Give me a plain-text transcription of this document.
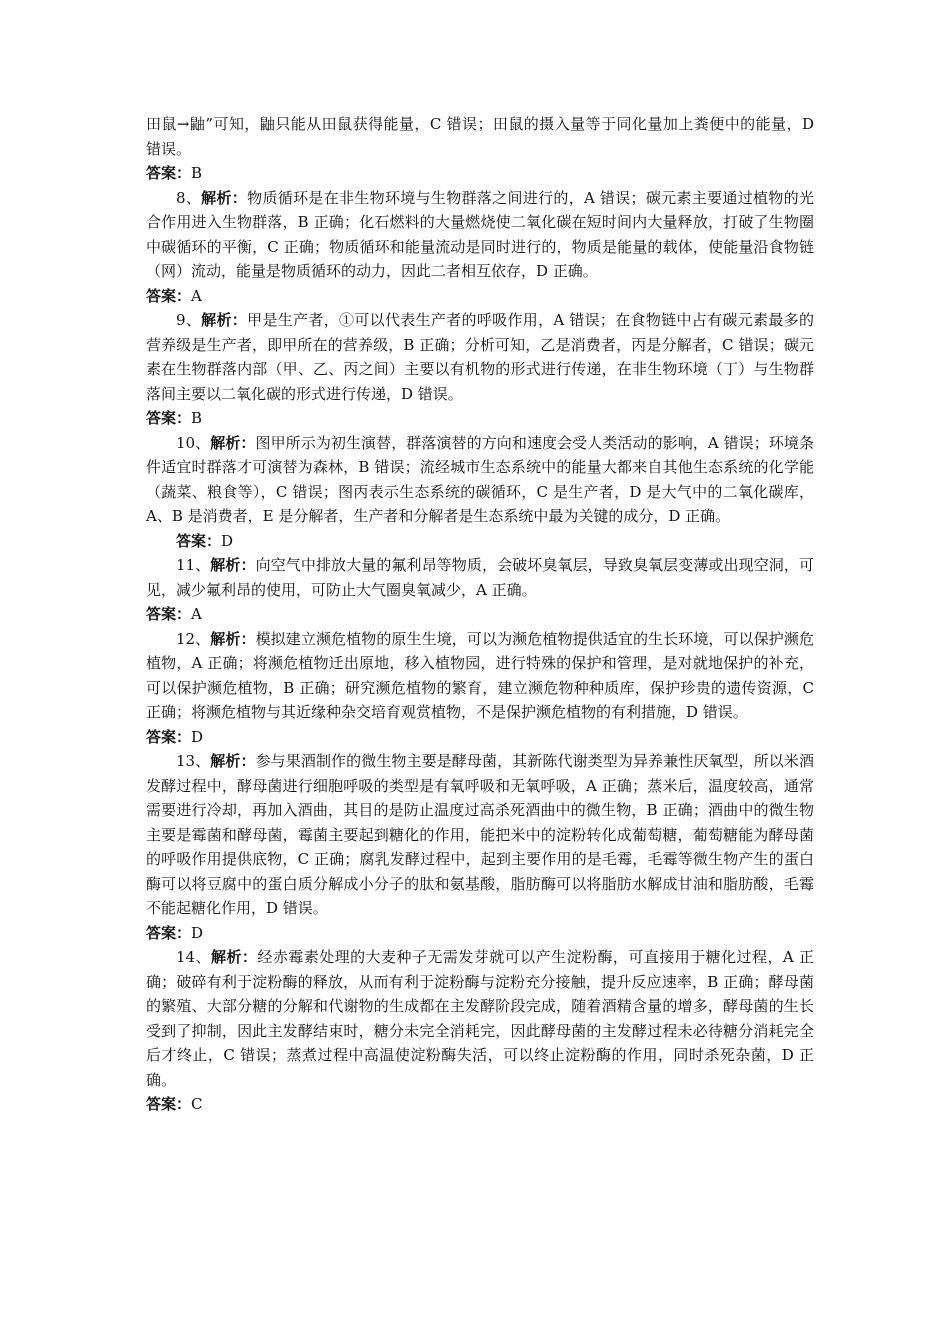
田鼠→鼬”可知，鼬只能从田鼠获得能量，C 错误；田鼠的摄入量等于同化量加上粪便中的能量，D 错误。

答案：B

8、解析：物质循环是在非生物环境与生物群落之间进行的，A 错误；碳元素主要通过植物的光合作用进入生物群落，B 正确；化石燃料的大量燃烧使二氧化碳在短时间内大量释放，打破了生物圈中碳循环的平衡，C 正确；物质循环和能量流动是同时进行的，物质是能量的载体，使能量沿食物链（网）流动，能量是物质循环的动力，因此二者相互依存，D 正确。

答案：A

9、解析：甲是生产者，①可以代表生产者的呼吸作用，A 错误；在食物链中占有碳元素最多的营养级是生产者，即甲所在的营养级，B 正确；分析可知，乙是消费者，丙是分解者，C 错误；碳元素在生物群落内部（甲、乙、丙之间）主要以有机物的形式进行传递，在非生物环境（丁）与生物群落间主要以二氧化碳的形式进行传递，D 错误。

答案：B

10、解析：图甲所示为初生演替，群落演替的方向和速度会受人类活动的影响，A 错误；环境条件适宜时群落才可演替为森林，B 错误；流经城市生态系统中的能量大都来自其他生态系统的化学能（蔬菜、粮食等），C 错误；图丙表示生态系统的碳循环，C 是生产者，D 是大气中的二氧化碳库，A、B 是消费者，E 是分解者，生产者和分解者是生态系统中最为关键的成分，D 正确。

答案：D

11、解析：向空气中排放大量的氟利昂等物质，会破坏臭氧层，导致臭氧层变薄或出现空洞，可见，减少氟利昂的使用，可防止大气圈臭氧减少，A 正确。

答案：A

12、解析：模拟建立濒危植物的原生生境，可以为濒危植物提供适宜的生长环境，可以保护濒危植物，A 正确；将濒危植物迁出原地，移入植物园，进行特殊的保护和管理，是对就地保护的补充，可以保护濒危植物，B 正确；研究濒危植物的繁育，建立濒危物种种质库，保护珍贵的遗传资源，C 正确；将濒危植物与其近缘种杂交培育观赏植物，不是保护濒危植物的有利措施，D 错误。

答案：D

13、解析：参与果酒制作的微生物主要是酵母菌，其新陈代谢类型为异养兼性厌氧型，所以米酒发酵过程中，酵母菌进行细胞呼吸的类型是有氧呼吸和无氧呼吸，A 正确；蒸米后，温度较高，通常需要进行冷却，再加入酒曲，其目的是防止温度过高杀死酒曲中的微生物，B 正确；酒曲中的微生物主要是霉菌和酵母菌，霉菌主要起到糖化的作用，能把米中的淀粉转化成葡萄糖，葡萄糖能为酵母菌的呼吸作用提供底物，C 正确；腐乳发酵过程中，起到主要作用的是毛霉，毛霉等微生物产生的蛋白酶可以将豆腐中的蛋白质分解成小分子的肽和氨基酸，脂肪酶可以将脂肪水解成甘油和脂肪酸，毛霉不能起糖化作用，D 错误。

答案：D

14、解析：经赤霉素处理的大麦种子无需发芽就可以产生淀粉酶，可直接用于糖化过程，A 正确；破碎有利于淀粉酶的释放，从而有利于淀粉酶与淀粉充分接触，提升反应速率，B 正确；酵母菌的繁殖、大部分糖的分解和代谢物的生成都在主发酵阶段完成，随着酒精含量的增多，酵母菌的生长受到了抑制，因此主发酵结束时，糖分未完全消耗完，因此酵母菌的主发酵过程未必待糖分消耗完全后才终止，C 错误；蒸煮过程中高温使淀粉酶失活，可以终止淀粉酶的作用，同时杀死杂菌，D 正确。

答案：C
